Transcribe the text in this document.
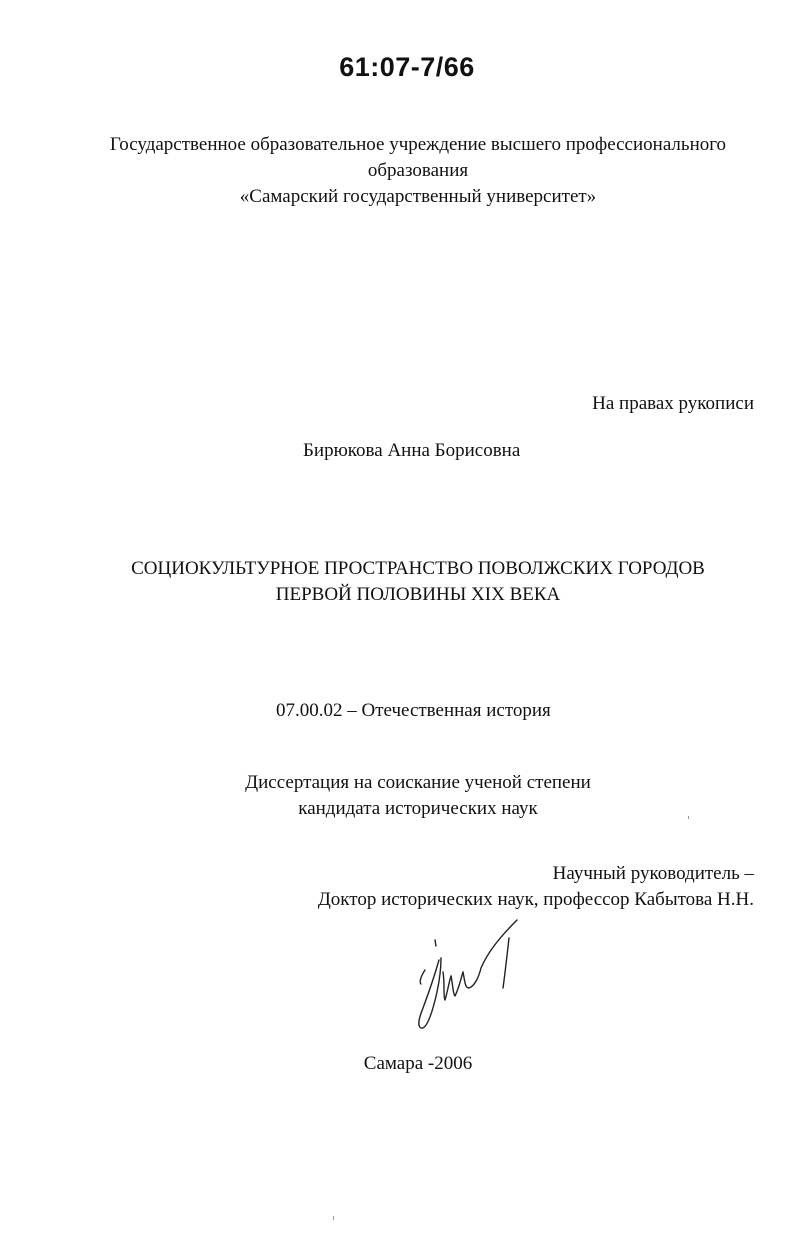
61:07-7/66
Государственное образовательное учреждение высшего профессионального
образования
«Самарский государственный университет»
На правах рукописи
Бирюкова Анна Борисовна
СОЦИОКУЛЬТУРНОЕ ПРОСТРАНСТВО ПОВОЛЖСКИХ ГОРОДОВ
ПЕРВОЙ ПОЛОВИНЫ XIX ВЕКА
07.00.02 – Отечественная история
Диссертация на соискание ученой степени
кандидата исторических наук
Научный руководитель –
Доктор исторических наук, профессор Кабытова Н.Н.
Самара -2006
